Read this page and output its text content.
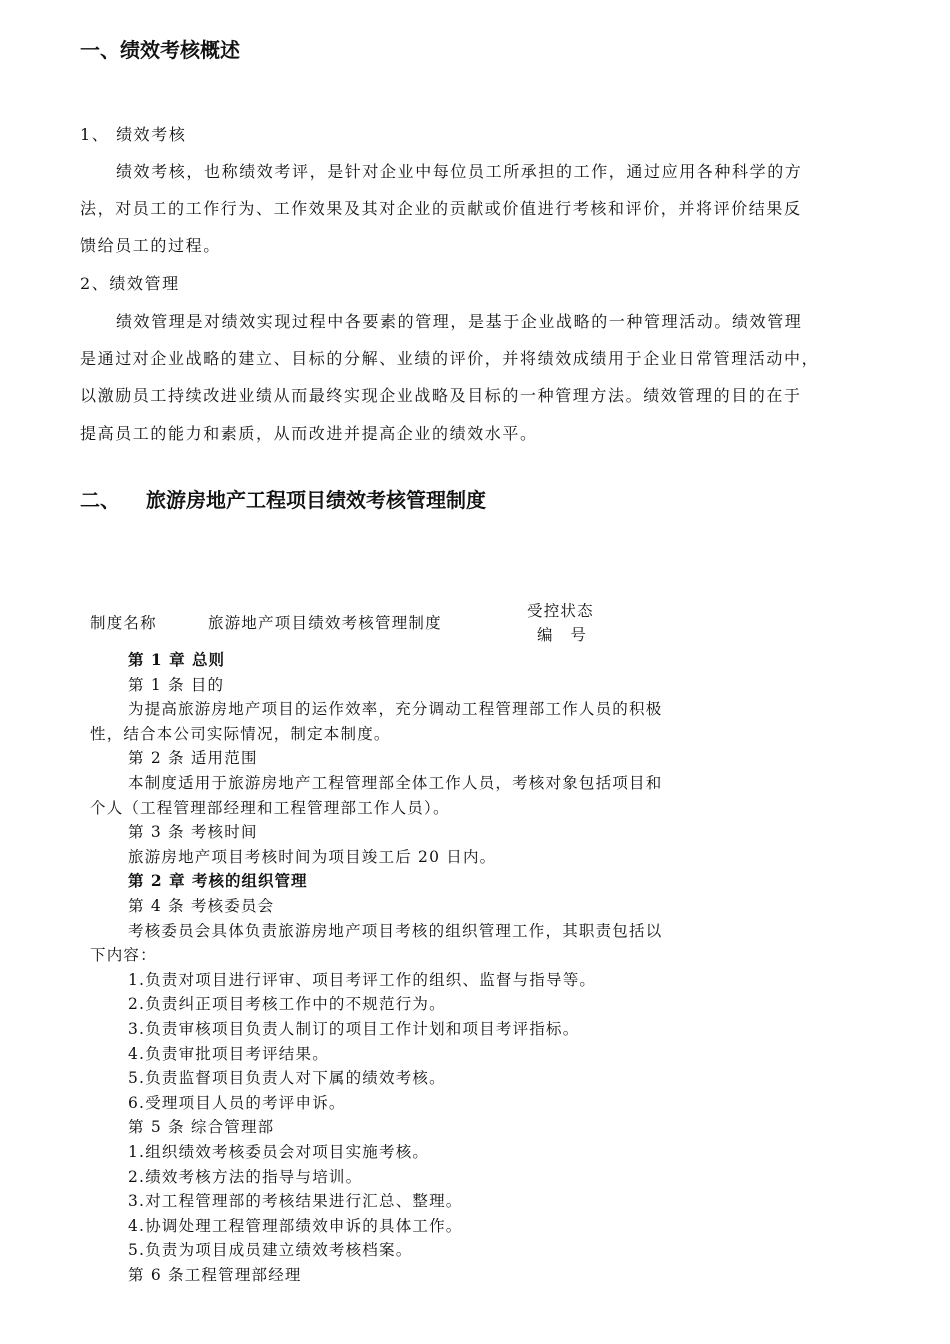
一、绩效考核概述
1、 绩效考核
绩效考核，也称绩效考评，是针对企业中每位员工所承担的工作，通过应用各种科学的方
法，对员工的工作行为、工作效果及其对企业的贡献或价值进行考核和评价，并将评价结果反
馈给员工的过程。
2、绩效管理
绩效管理是对绩效实现过程中各要素的管理，是基于企业战略的一种管理活动。绩效管理
是通过对企业战略的建立、目标的分解、业绩的评价，并将绩效成绩用于企业日常管理活动中，
以激励员工持续改进业绩从而最终实现企业战略及目标的一种管理方法。绩效管理的目的在于
提高员工的能力和素质，从而改进并提高企业的绩效水平。
二、 旅游房地产工程项目绩效考核管理制度
制度名称	旅游地产项目绩效考核管理制度
受控状态
编　号
第 1 章 总则
第 1 条 目的
为提高旅游房地产项目的运作效率，充分调动工程管理部工作人员的积极
性，结合本公司实际情况，制定本制度。
第 2 条 适用范围
本制度适用于旅游房地产工程管理部全体工作人员，考核对象包括项目和
个人（工程管理部经理和工程管理部工作人员）。
第 3 条 考核时间
旅游房地产项目考核时间为项目竣工后 20 日内。
第 2 章 考核的组织管理
第 4 条 考核委员会
考核委员会具体负责旅游房地产项目考核的组织管理工作，其职责包括以
下内容：
1.负责对项目进行评审、项目考评工作的组织、监督与指导等。
2.负责纠正项目考核工作中的不规范行为。
3.负责审核项目负责人制订的项目工作计划和项目考评指标。
4.负责审批项目考评结果。
5.负责监督项目负责人对下属的绩效考核。
6.受理项目人员的考评申诉。
第 5 条 综合管理部
1.组织绩效考核委员会对项目实施考核。
2.绩效考核方法的指导与培训。
3.对工程管理部的考核结果进行汇总、整理。
4.协调处理工程管理部绩效申诉的具体工作。
5.负责为项目成员建立绩效考核档案。
第 6 条工程管理部经理
